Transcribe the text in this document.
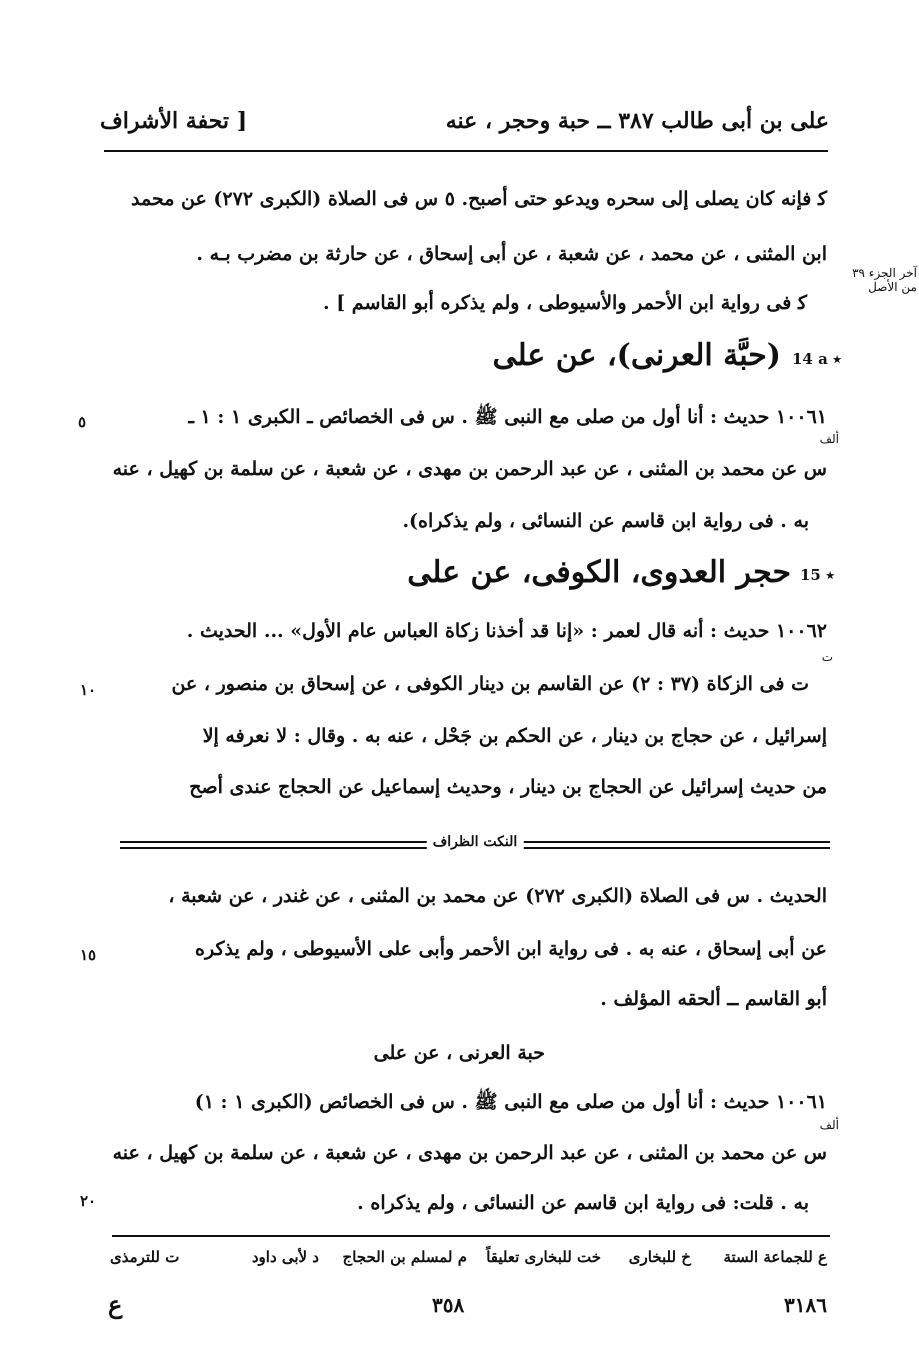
على بن أبى طالب ٣٨٧ ــ حبة وحجر ، عنه
[ تحفة الأشراف
ﻛ فإنه كان يصلى إلى سحره ويدعو حتى أصبح. ٥ س فى الصلاة (الكبرى ٢٧٢) عن محمد
ابن المثنى ، عن محمد ، عن شعبة ، عن أبى إسحاق ، عن حارثة بن مضرب بـه .
ﻛ فى رواية ابن الأحمر والأسيوطى ، ولم يذكره أبو القاسم ] .
آخر الجزء ٣٩
من الأصل
14 a ٭
(حبَّة العرنى)، عن على
١٠٠٦١ حديث : أنا أول من صلى مع النبى ﷺ . س فى الخصائص ـ الكبرى ١ : ١ ـ
٥
ألف
س عن محمد بن المثنى ، عن عبد الرحمن بن مهدى ، عن شعبة ، عن سلمة بن كهيل ، عنه
به . فى رواية ابن قاسم عن النسائى ، ولم يذكراه).
15 ٭
حجر العدوى، الكوفى، عن على
١٠٠٦٢ حديث : أنه قال لعمر : «إنا قد أخذنا زكاة العباس عام الأول» ... الحديث .
ت
ت فى الزكاة (٣٧ : ٢) عن القاسم بن دينار الكوفى ، عن إسحاق بن منصور ، عن
١٠
إسرائيل ، عن حجاج بن دينار ، عن الحكم بن جَحْل ، عنه به . وقال : لا نعرفه إلا
من حديث إسرائيل عن الحجاج بن دينار ، وحديث إسماعيل عن الحجاج عندى أصح
النكت الظراف
الحديث . س فى الصلاة (الكبرى ٢٧٢) عن محمد بن المثنى ، عن غندر ، عن شعبة ،
عن أبى إسحاق ، عنه به . فى رواية ابن الأحمر وأبى على الأسيوطى ، ولم يذكره
١٥
أبو القاسم ــ ألحقه المؤلف .
حبة العرنى ، عن على
١٠٠٦١ حديث : أنا أول من صلى مع النبى ﷺ . س فى الخصائص (الكبرى ١ : ١)
ألف
س عن محمد بن المثنى ، عن عبد الرحمن بن مهدى ، عن شعبة ، عن سلمة بن كهيل ، عنه
به . قلت: فى رواية ابن قاسم عن النسائى ، ولم يذكراه .
٢٠
ع للجماعة الستة
خ للبخارى
خت للبخارى تعليقاً
م لمسلم بن الحجاج
د لأبى داود
ت للترمذى
٣١٨٦
٣٥٨
ع
